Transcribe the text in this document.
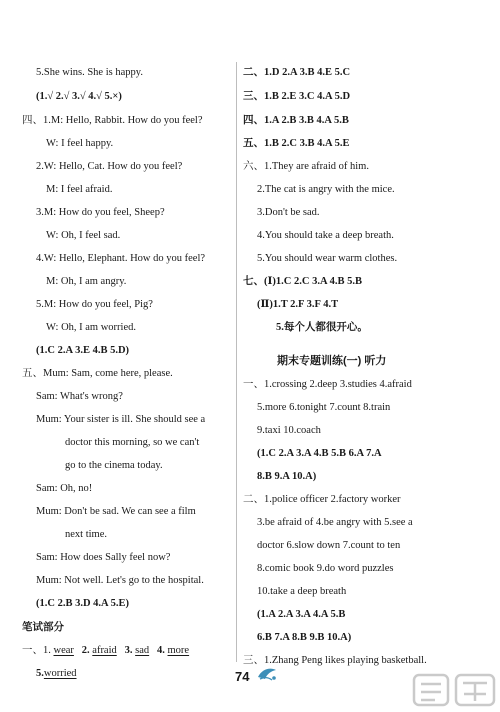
5.She wins. She is happy.
(1.√ 2.√ 3.√ 4.√ 5.×)
四、1.M: Hello, Rabbit. How do you feel?
W: I feel happy.
2.W: Hello, Cat. How do you feel?
M: I feel afraid.
3.M: How do you feel, Sheep?
W: Oh, I feel sad.
4.W: Hello, Elephant. How do you feel?
M: Oh, I am angry.
5.M: How do you feel, Pig?
W: Oh, I am worried.
(1.C 2.A 3.E 4.B 5.D)
五、Mum: Sam, come here, please.
Sam: What's wrong?
Mum: Your sister is ill. She should see a
doctor this morning, so we can't
go to the cinema today.
Sam: Oh, no!
Mum: Don't be sad. We can see a film
next time.
Sam: How does Sally feel now?
Mum: Not well. Let's go to the hospital.
(1.C 2.B 3.D 4.A 5.E)
笔试部分
一、1. wear 2. afraid 3. sad 4. more
5.worried
二、1.D 2.A 3.B 4.E 5.C
三、1.B 2.E 3.C 4.A 5.D
四、1.A 2.B 3.B 4.A 5.B
五、1.B 2.C 3.B 4.A 5.E
六、1.They are afraid of him.
2.The cat is angry with the mice.
3.Don't be sad.
4.You should take a deep breath.
5.You should wear warm clothes.
七、(Ⅰ)1.C 2.C 3.A 4.B 5.B
(Ⅱ)1.T 2.F 3.F 4.T
5.每个人都很开心。
期末专题训练(一) 听力
一、1.crossing 2.deep 3.studies 4.afraid
5.more 6.tonight 7.count 8.train
9.taxi 10.coach
(1.C 2.A 3.A 4.B 5.B 6.A 7.A
8.B 9.A 10.A)
二、1.police officer 2.factory worker
3.be afraid of 4.be angry with 5.see a
doctor 6.slow down 7.count to ten
8.comic book 9.do word puzzles
10.take a deep breath
(1.A 2.A 3.A 4.A 5.B
6.B 7.A 8.B 9.B 10.A)
三、1.Zhang Peng likes playing basketball.
74
